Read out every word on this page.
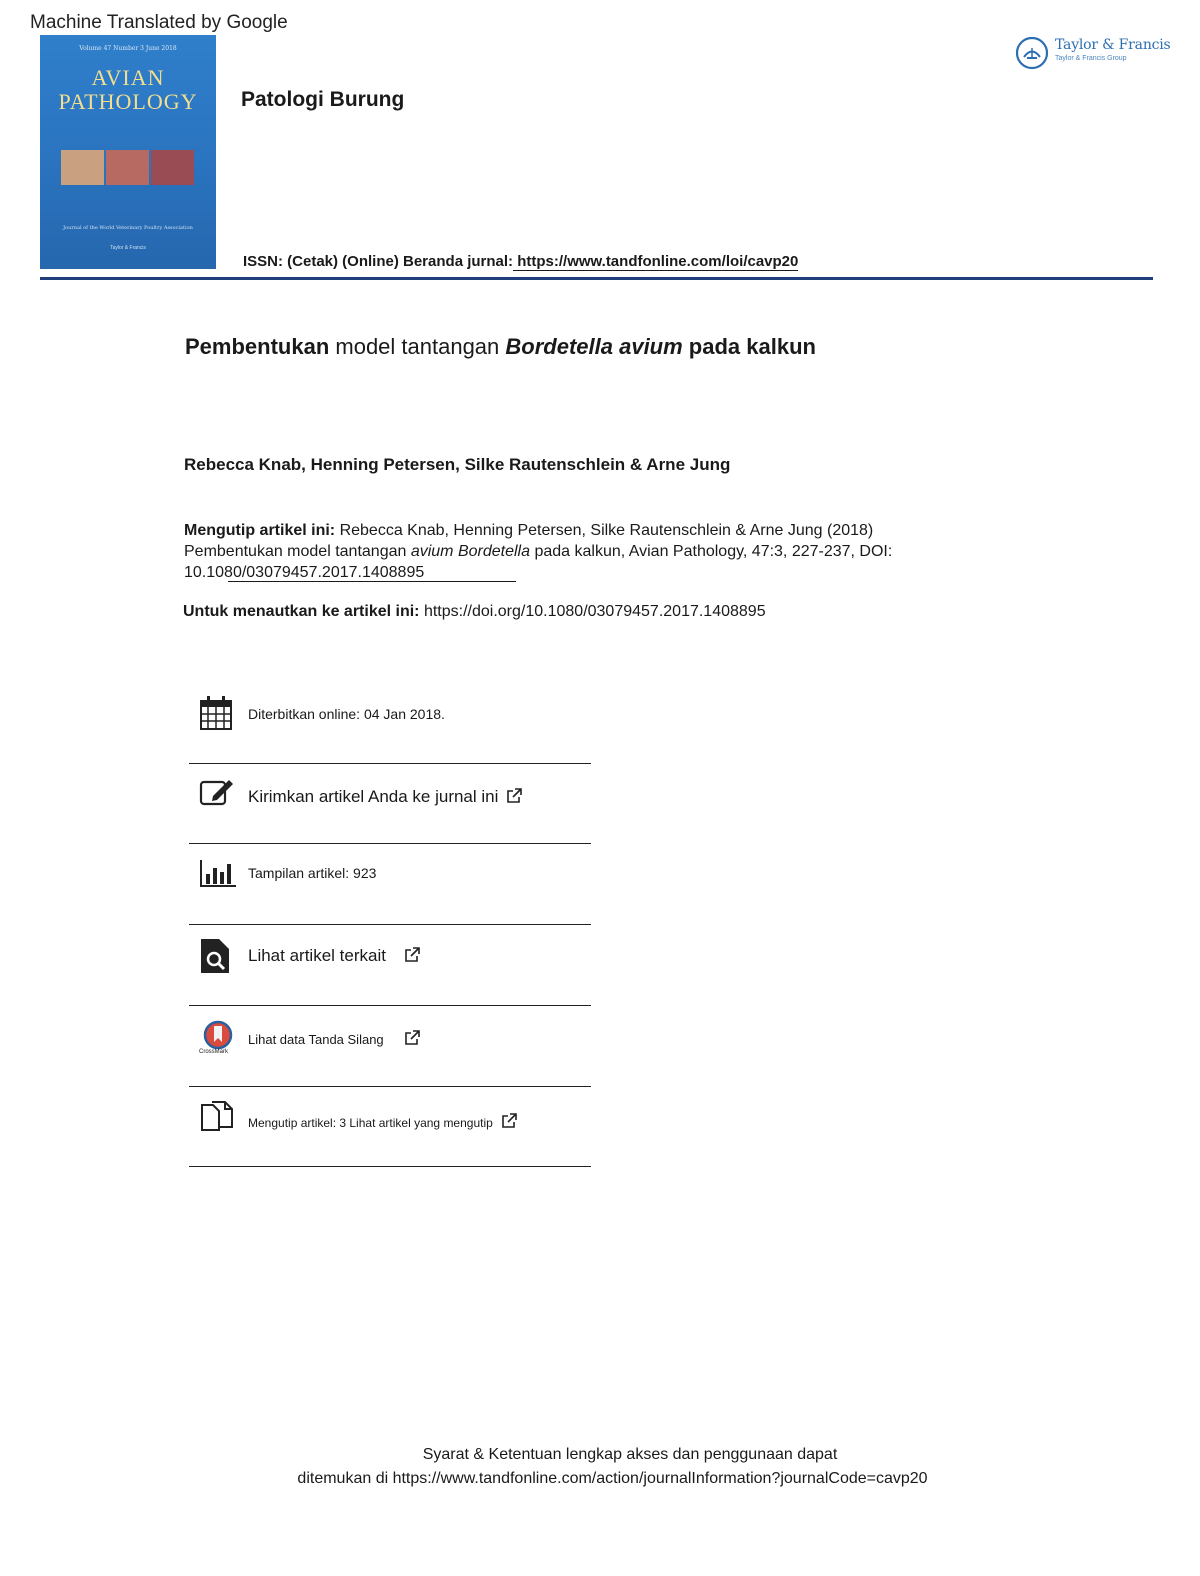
Machine Translated by Google
Volume 47 Number 3 June 2018
AVIAN
PATHOLOGY
Journal of the World Veterinary Poultry Association
Taylor & Francis
Patologi Burung
Taylor & Francis
Taylor & Francis Group
ISSN: (Cetak) (Online) Beranda jurnal: https://www.tandfonline.com/loi/cavp20
Pembentukan model tantangan Bordetella avium pada kalkun
Rebecca Knab, Henning Petersen, Silke Rautenschlein & Arne Jung
Mengutip artikel ini: Rebecca Knab, Henning Petersen, Silke Rautenschlein & Arne Jung (2018)
Pembentukan model tantangan avium Bordetella pada kalkun, Avian Pathology, 47:3, 227-237, DOI:
10.1080/03079457.2017.1408895
Untuk menautkan ke artikel ini: https://doi.org/10.1080/03079457.2017.1408895
Diterbitkan online: 04 Jan 2018.
Kirimkan artikel Anda ke jurnal ini
Tampilan artikel: 923
Lihat artikel terkait
CrossMark
Lihat data Tanda Silang
Mengutip artikel: 3 Lihat artikel yang mengutip
Syarat & Ketentuan lengkap akses dan penggunaan dapat
ditemukan di https://www.tandfonline.com/action/journalInformation?journalCode=cavp20
